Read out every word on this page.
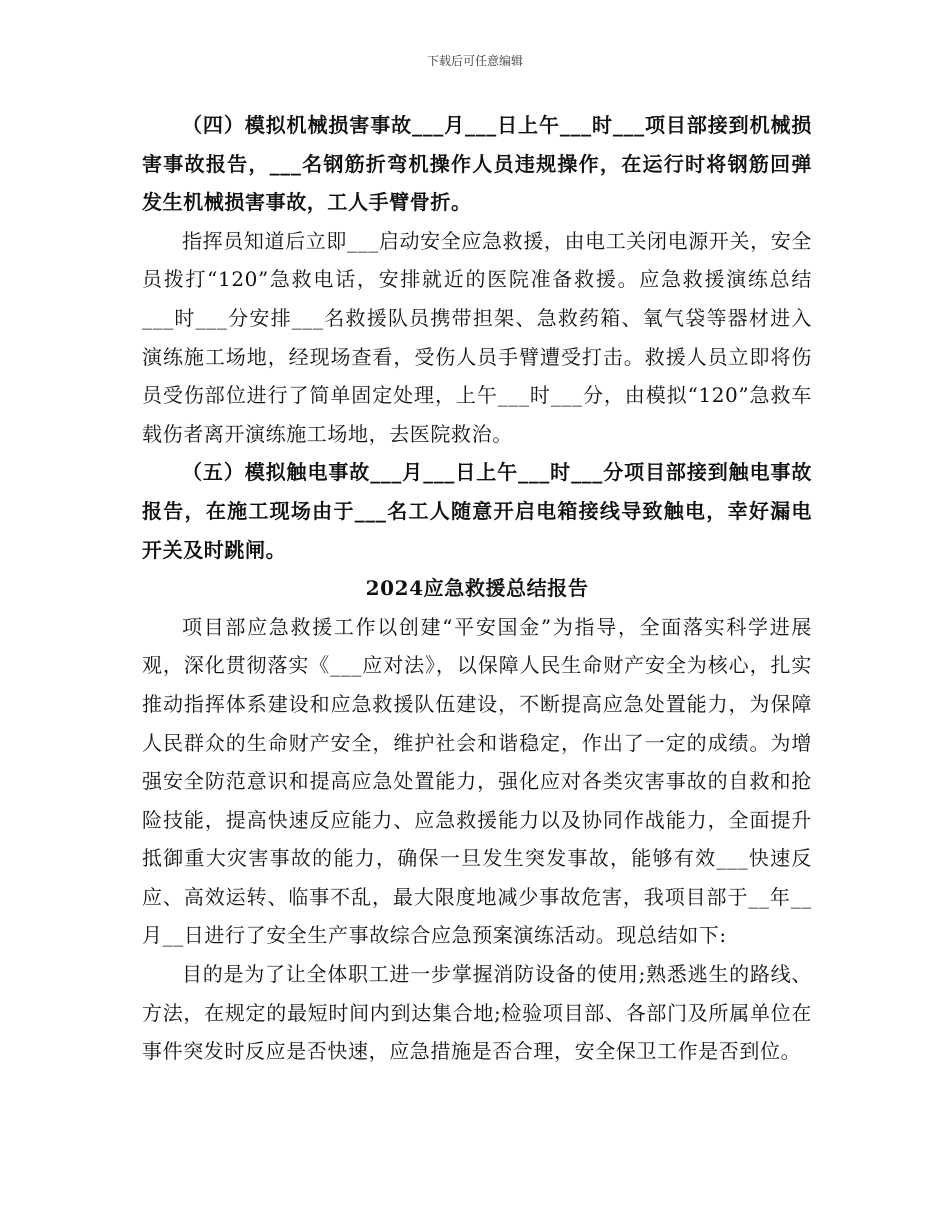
下载后可任意编辑

（四）模拟机械损害事故___月___日上午___时___项目部接到机械损害事故报告，___名钢筋折弯机操作人员违规操作，在运行时将钢筋回弹发生机械损害事故，工人手臂骨折。

指挥员知道后立即___启动安全应急救援，由电工关闭电源开关，安全员拨打“120”急救电话，安排就近的医院准备救援。应急救援演练总结___时___分安排___名救援队员携带担架、急救药箱、氧气袋等器材进入演练施工场地，经现场查看，受伤人员手臂遭受打击。救援人员立即将伤员受伤部位进行了简单固定处理，上午___时___分，由模拟“120”急救车载伤者离开演练施工场地，去医院救治。

（五）模拟触电事故___月___日上午___时___分项目部接到触电事故报告，在施工现场由于___名工人随意开启电箱接线导致触电，幸好漏电开关及时跳闸。

2024应急救援总结报告

项目部应急救援工作以创建“平安国金”为指导，全面落实科学进展观，深化贯彻落实《___应对法》，以保障人民生命财产安全为核心，扎实推动指挥体系建设和应急救援队伍建设，不断提高应急处置能力，为保障人民群众的生命财产安全，维护社会和谐稳定，作出了一定的成绩。为增强安全防范意识和提高应急处置能力，强化应对各类灾害事故的自救和抢险技能，提高快速反应能力、应急救援能力以及协同作战能力，全面提升抵御重大灾害事故的能力，确保一旦发生突发事故，能够有效___快速反应、高效运转、临事不乱，最大限度地减少事故危害，我项目部于__年__月__日进行了安全生产事故综合应急预案演练活动。现总结如下:

目的是为了让全体职工进一步掌握消防设备的使用;熟悉逃生的路线、方法，在规定的最短时间内到达集合地;检验项目部、各部门及所属单位在事件突发时反应是否快速，应急措施是否合理，安全保卫工作是否到位。
